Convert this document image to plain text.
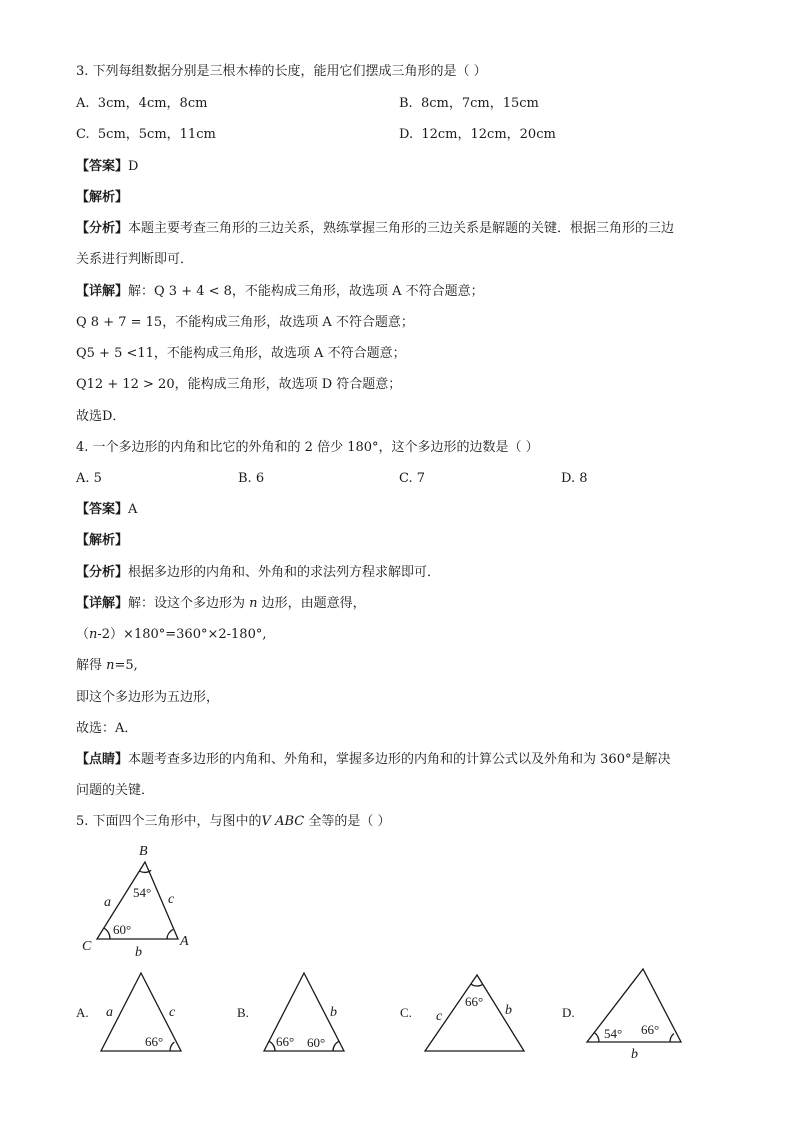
3. 下列每组数据分别是三根木棒的长度，能用它们摆成三角形的是（ ）
A. 3cm，4cm，8cm	B. 8cm，7cm，15cm
C. 5cm，5cm，11cm	D. 12cm，12cm，20cm
【答案】D
【解析】
【分析】本题主要考查三角形的三边关系，熟练掌握三角形的三边关系是解题的关键．根据三角形的三边
关系进行判断即可．
【详解】解：Q 3 + 4 < 8，不能构成三角形，故选项 A 不符合题意；
Q 8 + 7 = 15，不能构成三角形，故选项 A 不符合题意；
Q5 + 5 <11，不能构成三角形，故选项 A 不符合题意；
Q12 + 12 > 20，能构成三角形，故选项 D 符合题意；
故选D．
4. 一个多边形的内角和比它的外角和的 2 倍少 180°，这个多边形的边数是（ ）
A. 5	B. 6	C. 7	D. 8
【答案】A
【解析】
【分析】根据多边形的内角和、外角和的求法列方程求解即可．
【详解】解：设这个多边形为 n 边形，由题意得，
（n-2）×180°=360°×2-180°,
解得 n=5,
即这个多边形为五边形，
故选：A．
【点睛】本题考查多边形的内角和、外角和，掌握多边形的内角和的计算公式以及外角和为 360°是解决
问题的关键．
5. 下面四个三角形中，与图中的V ABC 全等的是（ ）
B
C	A
a	c
b
54°
60°
A. a	c
66°
B.	b
66° 60°
C. c	b
66°
D.
54° 66°
b
